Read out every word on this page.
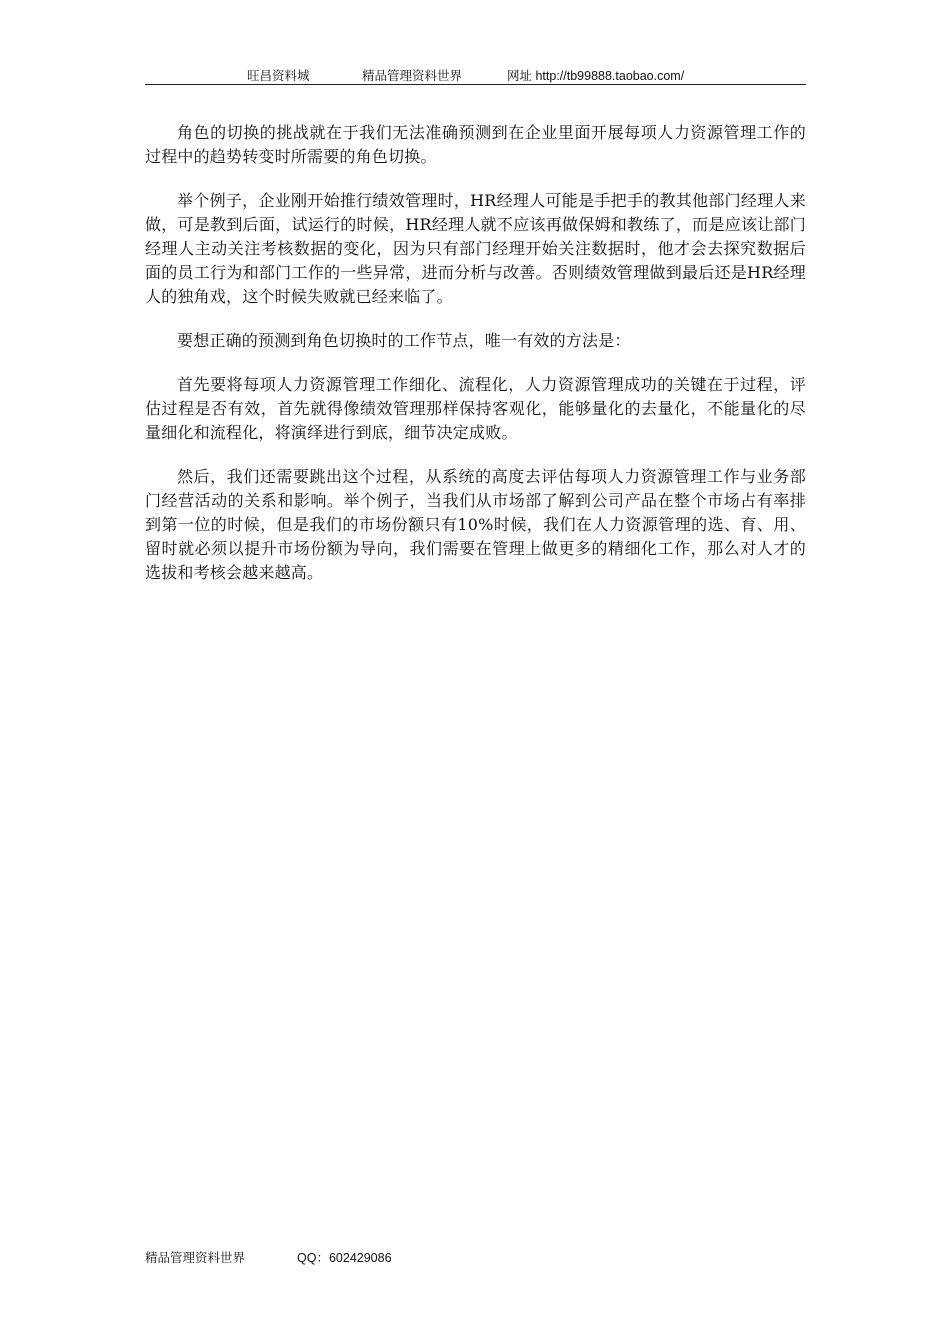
旺昌资料城	精品管理资料世界	网址 http://tb99888.taobao.com/

角色的切换的挑战就在于我们无法准确预测到在企业里面开展每项人力资源管理工作的过程中的趋势转变时所需要的角色切换。

举个例子，企业刚开始推行绩效管理时，HR经理人可能是手把手的教其他部门经理人来做，可是教到后面，试运行的时候，HR经理人就不应该再做保姆和教练了，而是应该让部门经理人主动关注考核数据的变化，因为只有部门经理开始关注数据时，他才会去探究数据后面的员工行为和部门工作的一些异常，进而分析与改善。否则绩效管理做到最后还是HR经理人的独角戏，这个时候失败就已经来临了。

要想正确的预测到角色切换时的工作节点，唯一有效的方法是：

首先要将每项人力资源管理工作细化、流程化，人力资源管理成功的关键在于过程，评估过程是否有效，首先就得像绩效管理那样保持客观化，能够量化的去量化，不能量化的尽量细化和流程化，将演绎进行到底，细节决定成败。

然后，我们还需要跳出这个过程，从系统的高度去评估每项人力资源管理工作与业务部门经营活动的关系和影响。举个例子，当我们从市场部了解到公司产品在整个市场占有率排到第一位的时候，但是我们的市场份额只有10%时候，我们在人力资源管理的选、育、用、留时就必须以提升市场份额为导向，我们需要在管理上做更多的精细化工作，那么对人才的选拔和考核会越来越高。

精品管理资料世界	QQ：602429086
